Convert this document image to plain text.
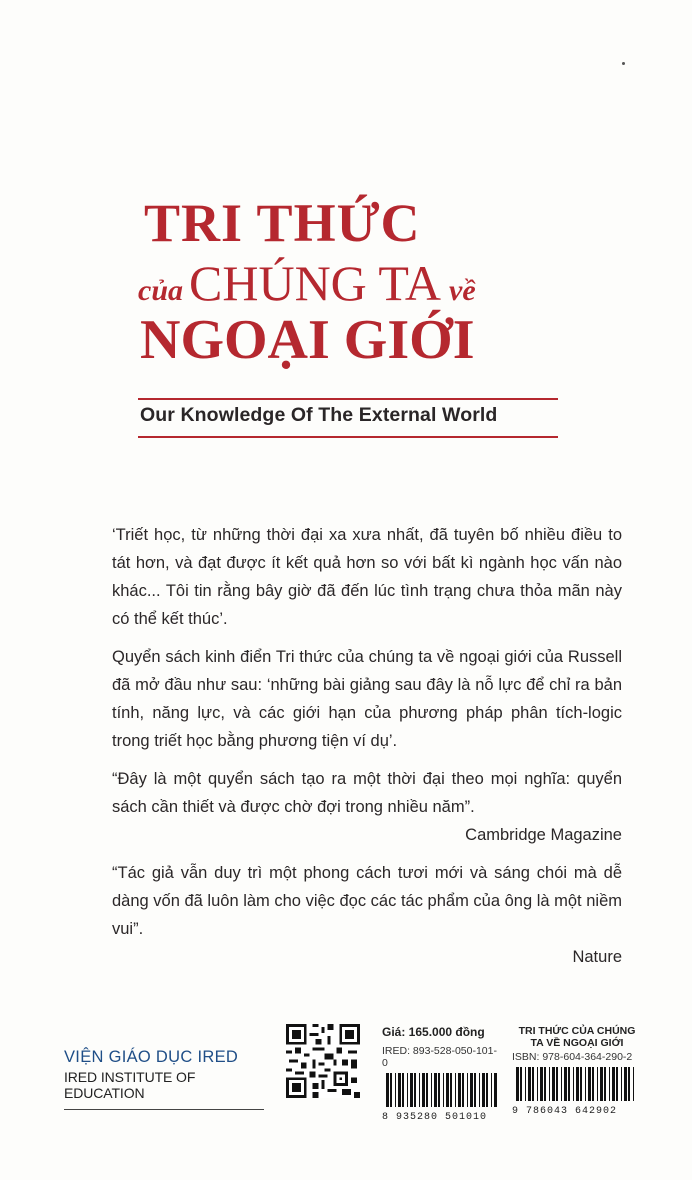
TRI THỨC
của CHÚNG TA về
NGOẠI GIỚI
Our Knowledge Of The External World

‘Triết học, từ những thời đại xa xưa nhất, đã tuyên bố nhiều điều to tát hơn, và đạt được ít kết quả hơn so với bất kì ngành học vấn nào khác... Tôi tin rằng bây giờ đã đến lúc tình trạng chưa thỏa mãn này có thể kết thúc’.

Quyển sách kinh điển Tri thức của chúng ta về ngoại giới của Russell đã mở đầu như sau: ‘những bài giảng sau đây là nỗ lực để chỉ ra bản tính, năng lực, và các giới hạn của phương pháp phân tích-logic trong triết học bằng phương tiện ví dụ’.

“Đây là một quyển sách tạo ra một thời đại theo mọi nghĩa: quyển sách cần thiết và được chờ đợi trong nhiều năm”.

Cambridge Magazine

“Tác giả vẫn duy trì một phong cách tươi mới và sáng chói mà dễ dàng vốn đã luôn làm cho việc đọc các tác phẩm của ông là một niềm vui”.

Nature

VIỆN GIÁO DỤC IRED
IRED INSTITUTE OF EDUCATION
Giá: 165.000 đồng
IRED: 893-528-050-101-0
8 935280 501010
TRI THỨC CỦA CHÚNG TA VỀ NGOẠI GIỚI
ISBN: 978-604-364-290-2
9 786043 642902
